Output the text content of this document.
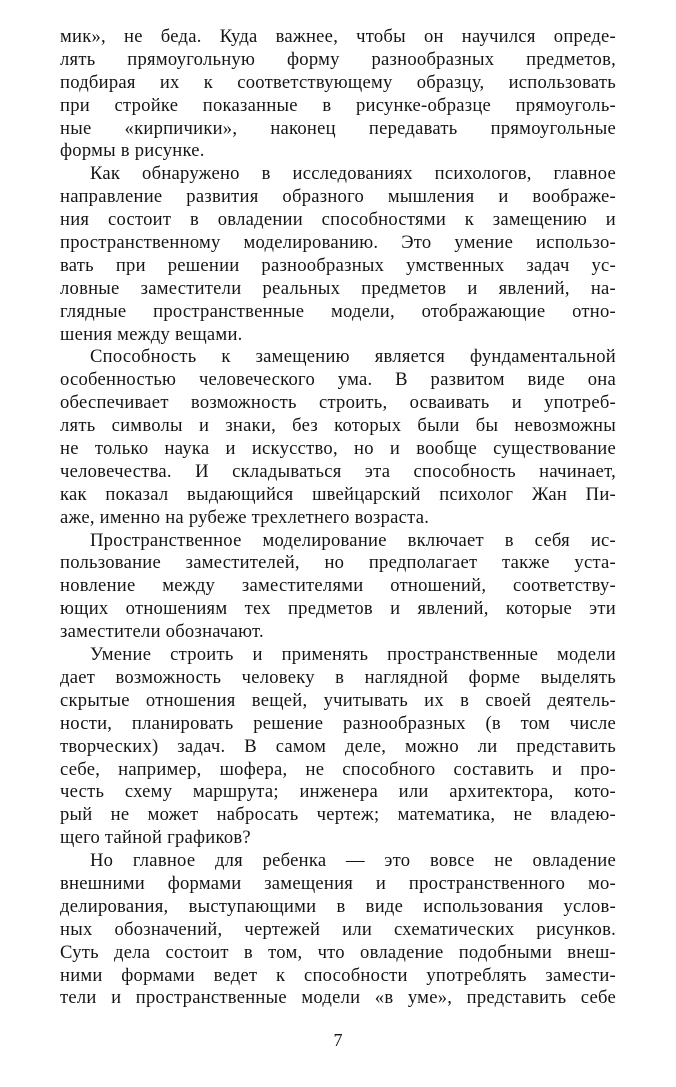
мик», не беда. Куда важнее, чтобы он научился опреде-
лять прямоугольную форму разнообразных предметов,
подбирая их к соответствующему образцу, использовать
при стройке показанные в рисунке-образце прямоуголь-
ные «кирпичики», наконец передавать прямоугольные
формы в рисунке.
Как обнаружено в исследованиях психологов, главное
направление развития образного мышления и воображе-
ния состоит в овладении способностями к замещению и
пространственному моделированию. Это умение использо-
вать при решении разнообразных умственных задач ус-
ловные заместители реальных предметов и явлений, на-
глядные пространственные модели, отображающие отно-
шения между вещами.
Способность к замещению является фундаментальной
особенностью человеческого ума. В развитом виде она
обеспечивает возможность строить, осваивать и употреб-
лять символы и знаки, без которых были бы невозможны
не только наука и искусство, но и вообще существование
человечества. И складываться эта способность начинает,
как показал выдающийся швейцарский психолог Жан Пи-
аже, именно на рубеже трехлетнего возраста.
Пространственное моделирование включает в себя ис-
пользование заместителей, но предполагает также уста-
новление между заместителями отношений, соответству-
ющих отношениям тех предметов и явлений, которые эти
заместители обозначают.
Умение строить и применять пространственные модели
дает возможность человеку в наглядной форме выделять
скрытые отношения вещей, учитывать их в своей деятель-
ности, планировать решение разнообразных (в том числе
творческих) задач. В самом деле, можно ли представить
себе, например, шофера, не способного составить и про-
честь схему маршрута; инженера или архитектора, кото-
рый не может набросать чертеж; математика, не владею-
щего тайной графиков?
Но главное для ребенка — это вовсе не овладение
внешними формами замещения и пространственного мо-
делирования, выступающими в виде использования услов-
ных обозначений, чертежей или схематических рисунков.
Суть дела состоит в том, что овладение подобными внеш-
ними формами ведет к способности употреблять замести-
тели и пространственные модели «в уме», представить себе
7
